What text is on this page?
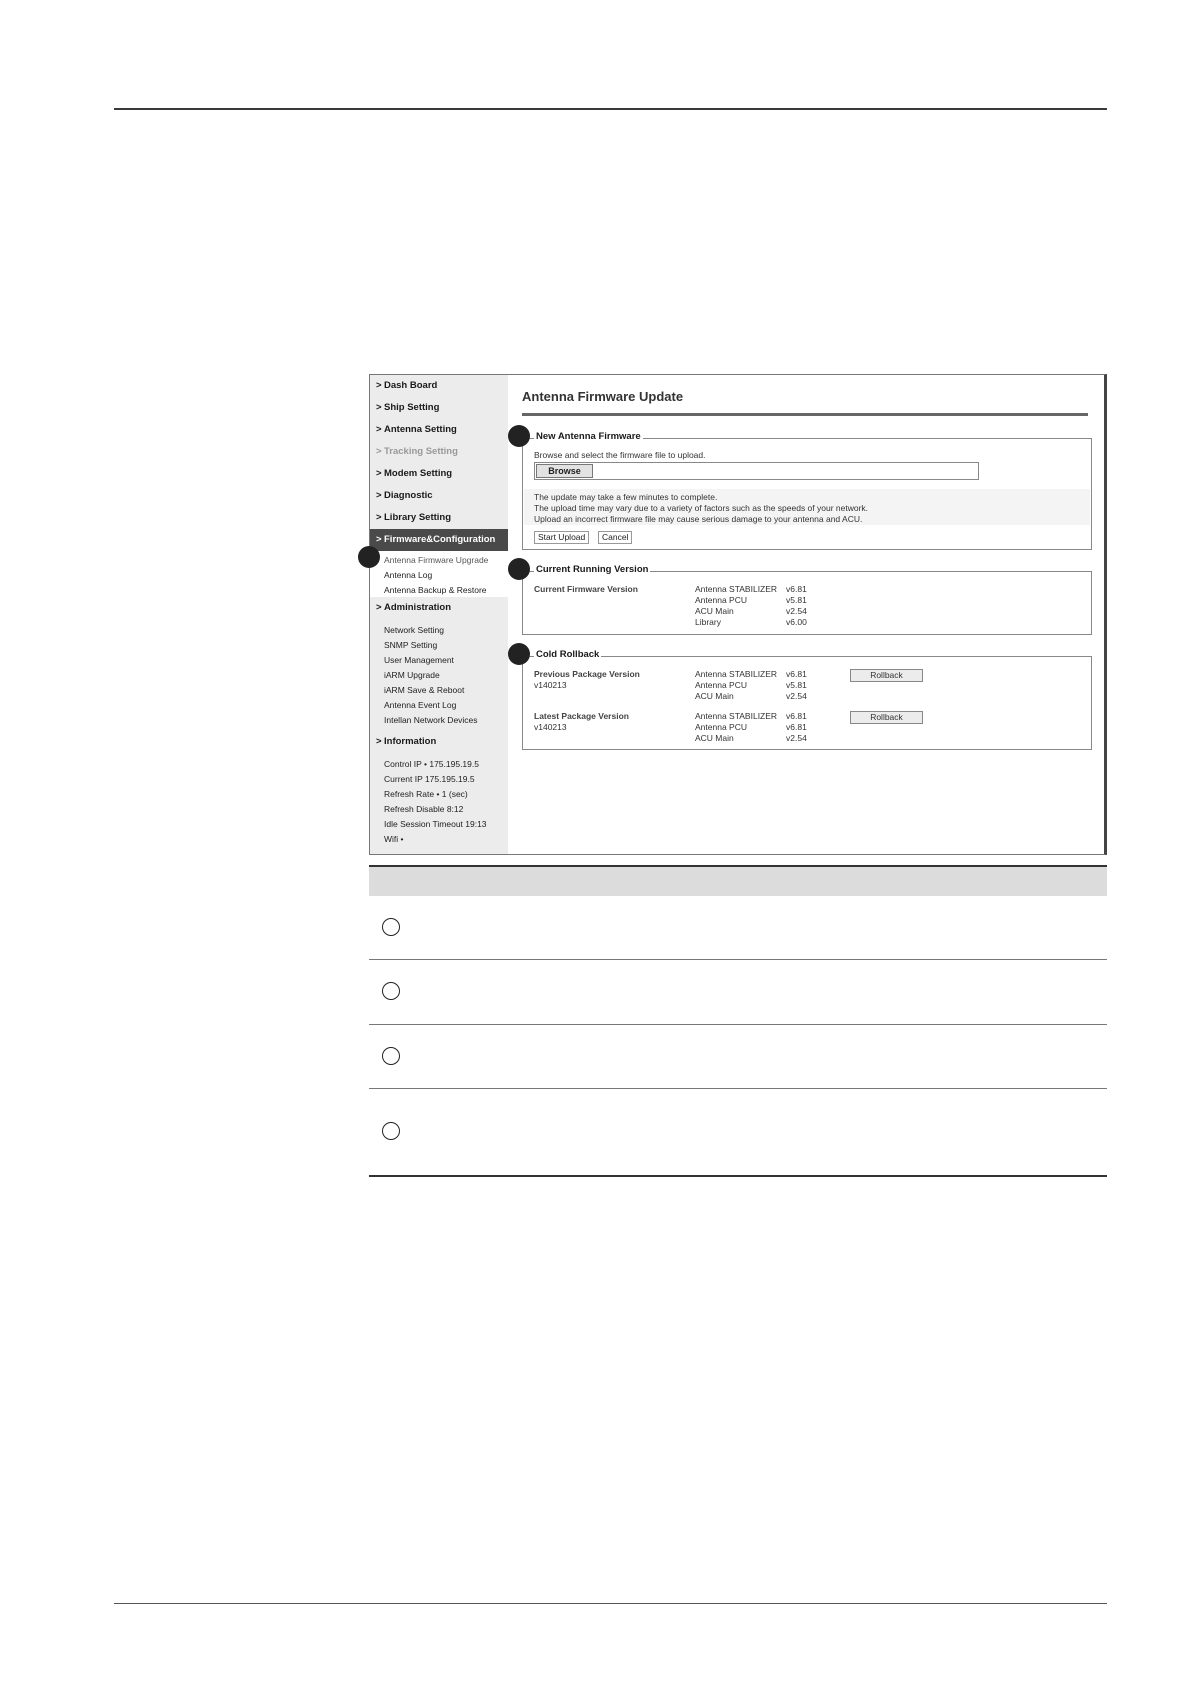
> Dash Board
> Ship Setting
> Antenna Setting
> Tracking Setting
> Modem Setting
> Diagnostic
> Library Setting
> Firmware&Configuration
Antenna Firmware Upgrade
Antenna Log
Antenna Backup & Restore
> Administration
Network Setting
SNMP Setting
User Management
iARM Upgrade
iARM Save & Reboot
Antenna Event Log
Intellan Network Devices
> Information
Control IP • 175.195.19.5
Current IP 175.195.19.5
Refresh Rate • 1 (sec)
Refresh Disable 8:12
Idle Session Timeout 19:13
Wifi •
Antenna Firmware Update
New Antenna Firmware
Browse and select the firmware file to upload.
Browse
The update may take a few minutes to complete.
The upload time may vary due to a variety of factors such as the speeds of your network.
Upload an incorrect firmware file may cause serious damage to your antenna and ACU.
Start Upload	Cancel
Current Running Version
Current Firmware Version	Antenna STABILIZER v6.81
Antenna PCU	v5.81
ACU Main	v2.54
Library	v6.00
Cold Rollback
Previous Package Version
v140213
Antenna STABILIZER v6.81
Antenna PCU	v5.81
ACU Main	v2.54
Rollback
Latest Package Version
v140213
Antenna STABILIZER v6.81
Antenna PCU	v6.81
ACU Main	v2.54
Rollback
